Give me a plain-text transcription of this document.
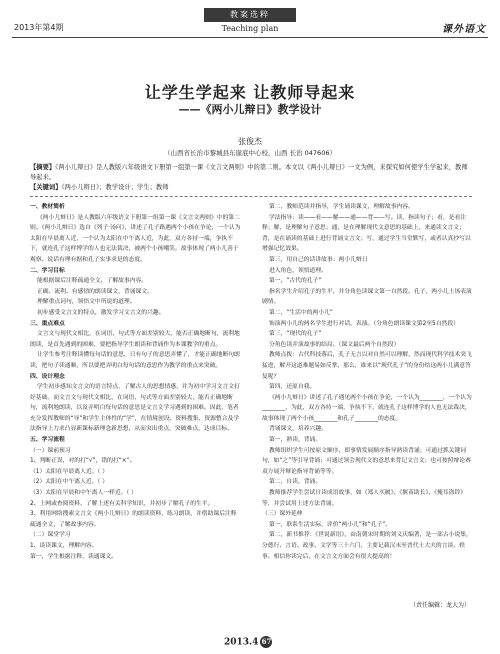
2013年第4期
教案选粹
Teaching plan	课外语文
让学生学起来 让教师导起来
——《两小儿辩日》教学设计
张俊杰
（山西省长治市黎城县东崖底中心校，山西 长治 047606）
【摘要】《两小儿辩日》是人教版六年级语文下册第一组第一课《文言文两则》中的第二则。本文以《两小儿辩日》一文为例，来探究如何使学生学起来，教师导起来。
【关键词】《两小儿辩日》；教学设计；学生；教师

一、教材简析

《两小儿辩日》是人教版六年级语文下册第一组第一课《文言文两则》中的第二则。《两小儿辩日》选自《列子·汤问》，讲述了孔子路遇两个小孩在争论，一个认为太阳在早晨离人近，一个认为太阳在中午离人近，为此，双方各持一端，争执不下，就连孔子这样博学的人也无法裁决，被两个小孩嘲笑。故事体现了两小儿善于观察、说话有理有据和孔子实事求是的态度。

二、学习目标

能根据课后注释疏通全文，了解故事内容。

正确、流利、有感情的朗读课文，背诵课文。

理解重点词句，领悟文中所说的道理。

初步感受文言文的特点，激发学习文言文的兴趣。

三、重点难点

文言文与现代文相比，在词语、句式等方面差别较大，能否正确地断句，流利地朗读，是首先遇到的困难，要把指导学生朗读和背诵作为本课教学的重点。

让学生参考注释读懂每句话的意思，只有句子的意思弄懂了，才能正确地断句朗读，把句子读通顺，所以要把弄明白每句话的意思作为教学的重点来突破。

四、设计理念

学生初步感知文言文的语言特点，了解古人的思想情感，并为初中学习文言文打好基础。而文言文与现代文相比，在词语、句式等方面差别较大，能否正确地断句，流利地朗读，以及弄明白每句话的意思是文言文学习遇到的困难。因此，笔者充分发挥教师的“导”和学生主体性的“学”，在情境创设、资料搜集、资源整合及学法指导上力求凸显新课标新理念新思想，从而突出重点，突破难点，达成目标。

五、学习流程

（一）课前预习

1、判断正误，对的打“√”，错的打“×”。

（1）太阳在早晨离人近。（ ）

（2）太阳在中午离人近。（ ）

（3）太阳在早晨和中午离人一样近。（ ）

2、上网或查阅资料，了解上述有关科学知识，并初步了解孔子的生平。

3、利用网络搜索文言文《两小儿辩日》的朗读资料，练习朗读，并借助课后注释疏通全文，了解故事内容。

（二）课堂学习

1、谈读课文，理解内容。

第一，学生根据注释，读通课文。

第二，教师范读并指导，学生诵读课文，理解故事内容。

学法指导：读——看——解——通——背——写。读，指读句子；看，是看注释；解，是理解句子意思；通，是在理解现代文意思的基础上，来通读文言文；背，是在诵读的基础上进行背诵文言文；写，通过学生当堂默写，或者认真抄写以增强记忆效果。

第三，用自己的话讲故事：两小儿辩日

进入角色，领悟道理。

第一，“古代的孔子”

指名学生介绍孔子的生平，并分角色读课文第一自然段。孔子，两小儿上场表演剧情。

第二，“生活中的两小儿”

饰演两小儿的两名学生进行对话，表演。（分角色朗读课文第2至5自然段）

第三，“现代的孔子”

分角色读并演故事的结局。（课文最后两个自然段）

教师点拨：古代科技落后，孔子无言以对自然可以理解，然而现代科学技术突飞猛进，解开这道难题易如反掌，那么，谁来以“现代孔子”的身份给这两小儿满意答复呢？

第四，还原自我。

《两小儿辩日》讲述了孔子遇见两个小孩在争论，一个认为________，一个认为________，为此，双方各持一端，争执不下，就连孔子这样博学的人也无法裁决，故事体现了两个小孩________和孔子________的态度。

背诵课文，培养兴趣。

第一，熟读，背诵。

教师组织学生可按原文顺序，即事情发展顺序指导熟读背诵；可通过抓关键词句，如“之”等引导背诵；可通过领会现代文的意思来背记文言文；也可按照辩论赛双方展开辩论指导背诵等等。

第二，自读，背诵。

教师推荐学生尝试自读成语故事，如《郑人买履》、《揠苗助长》、《掩耳盗铃》等，并尝试用上述方法背诵。

（三）课外延伸

第一，联系生活实际，评价“两小儿”和“孔子”。

第二，新书推荐：《世说新语》，由南朝宋时期的刘义庆编著，是一部古小说集，分德行、言语、政事、文学等三十六门，主要记载汉末至晋代士大夫的言谈、轶事。相信你读完后，在文言文方面会有很大提高的！

（责任编辑：龙大为）
2013.4 67
